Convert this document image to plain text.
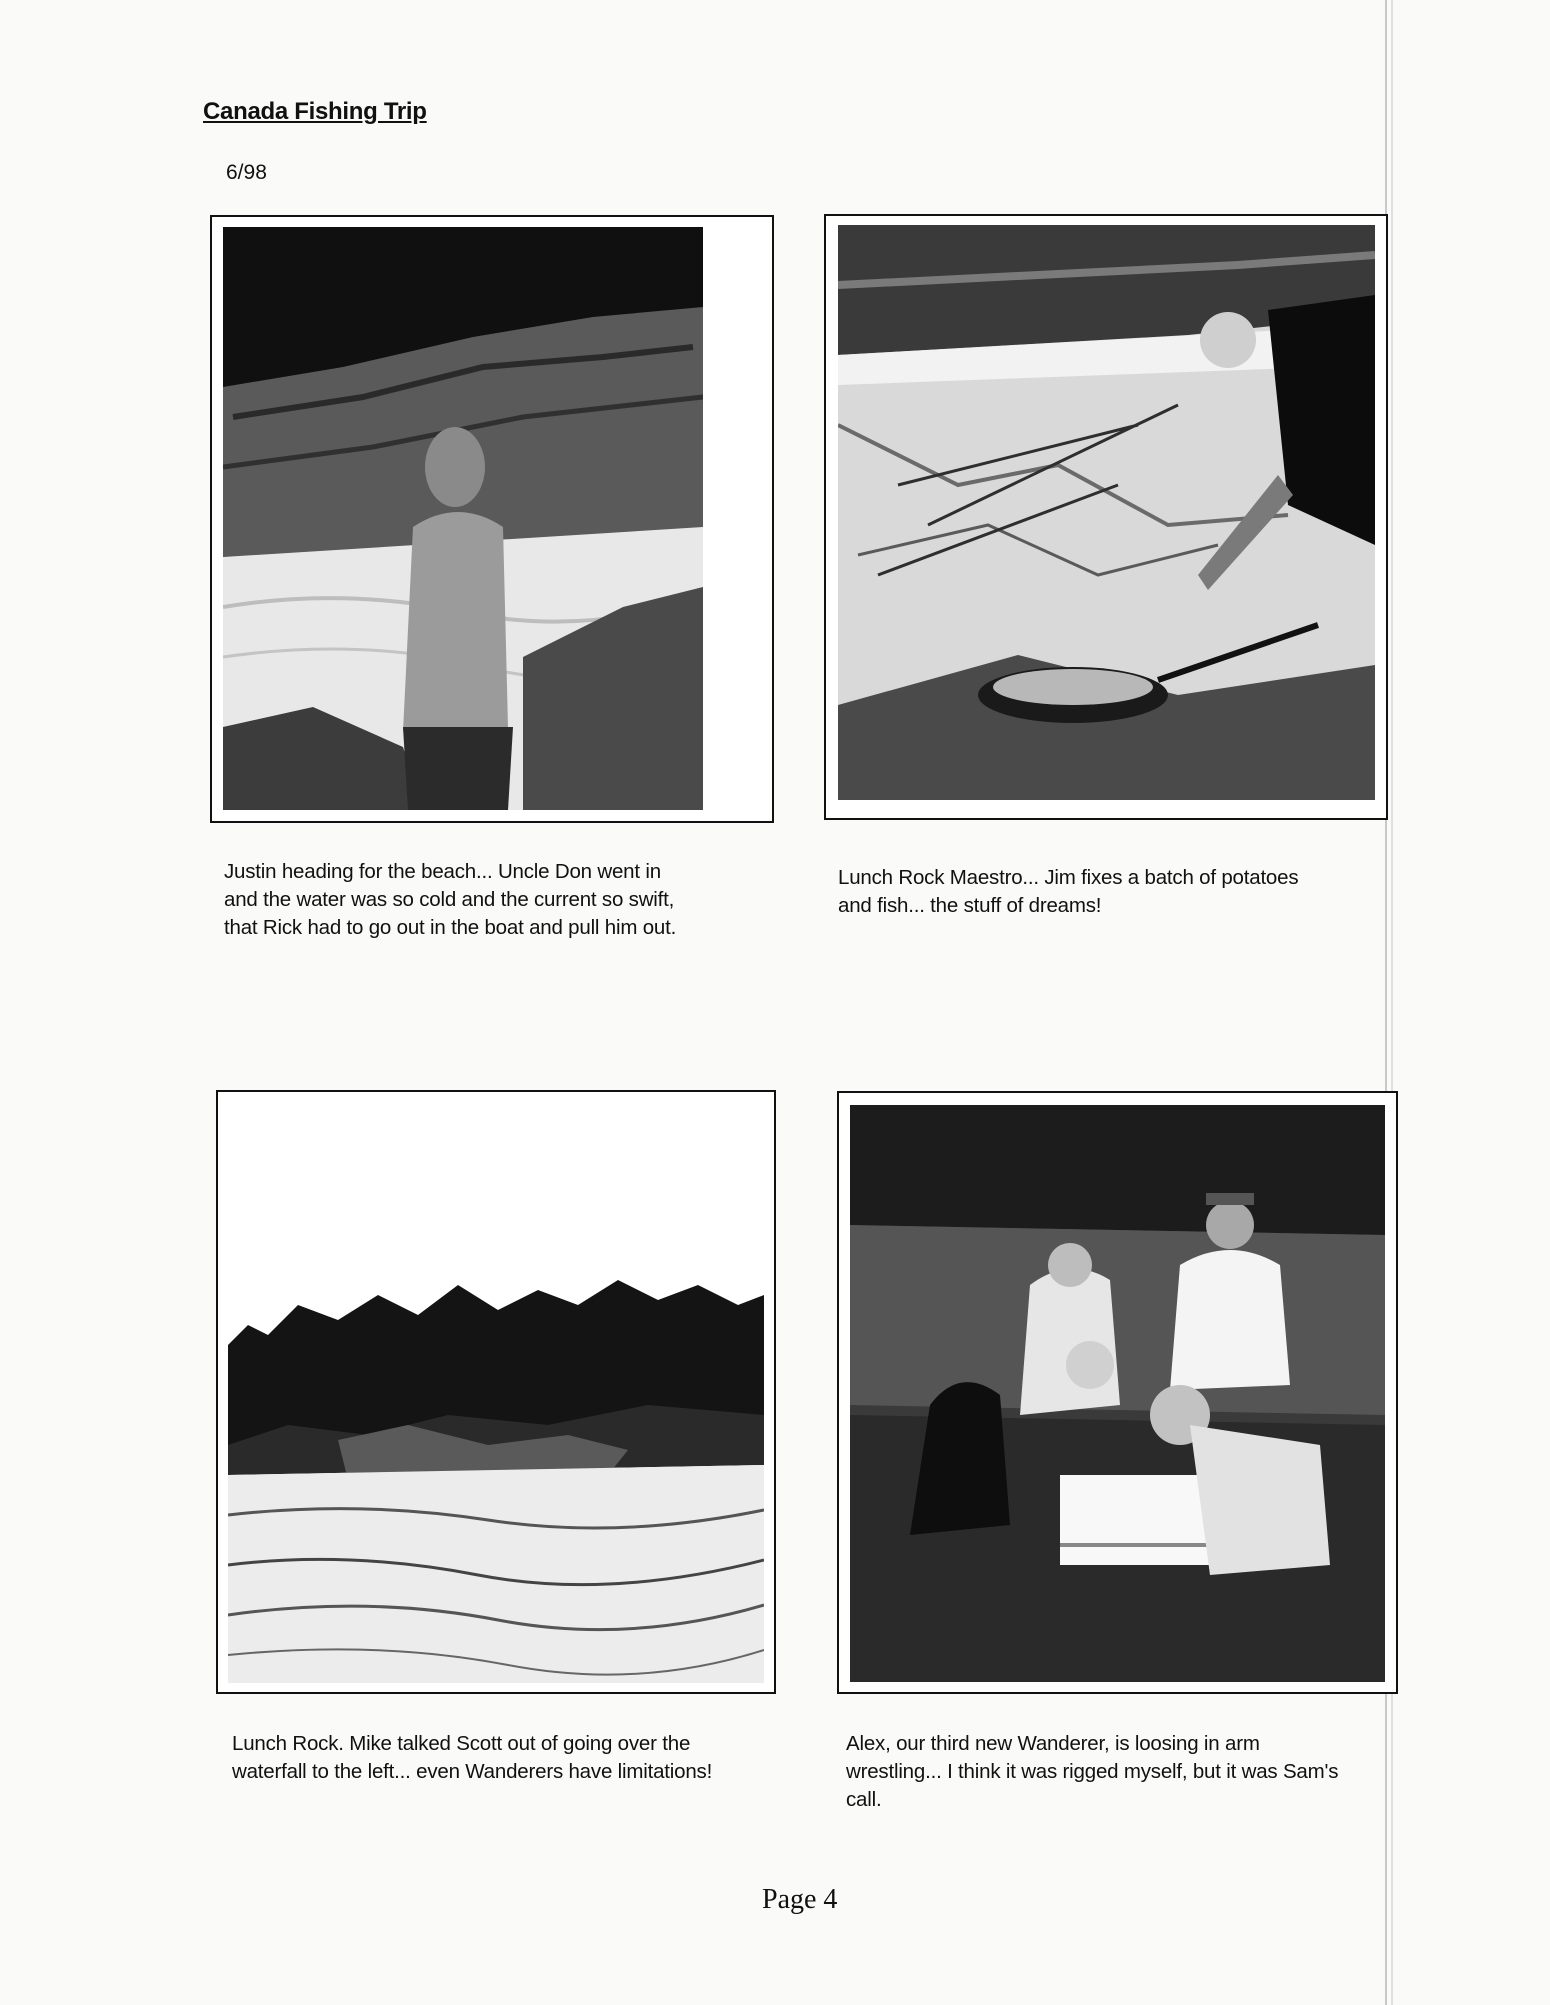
Canada Fishing Trip
6/98
Justin heading for the beach... Uncle Don went in
and the water was so cold and the current so swift,
that Rick had to go out in the boat and pull him out.
Lunch Rock Maestro... Jim fixes a batch of potatoes
and fish... the stuff of dreams!
Lunch Rock. Mike talked Scott out of going over the
waterfall to the left... even Wanderers have limitations!
Alex, our third new Wanderer, is loosing in arm
wrestling... I think it was rigged myself, but it was Sam's
call.
Page 4
